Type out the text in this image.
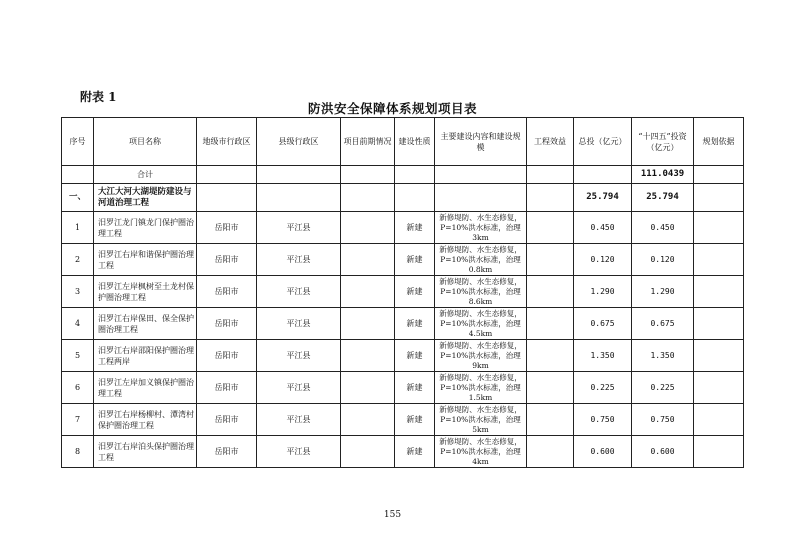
附表 1
防洪安全保障体系规划项目表
序号	项目名称	地级市行政区	县级行政区	项目前期情况	建设性质	主要建设内容和建设规模	工程效益	总投（亿元）	“十四五”投资（亿元）	规划依据
	合计								111.0439	
一、	大江大河大湖堤防建设与河道治理工程							25.794	25.794	
1	汨罗江龙门镇龙门保护圈治理工程	岳阳市	平江县		新建	新修堤防、水生态修复，P=10%洪水标准，治理3km		0.450	0.450	
2	汨罗江右岸和谐保护圈治理工程	岳阳市	平江县		新建	新修堤防、水生态修复，P=10%洪水标准，治理0.8km		0.120	0.120	
3	汨罗江左岸枫树至土龙村保护圈治理工程	岳阳市	平江县		新建	新修堤防、水生态修复，P=10%洪水标准，治理8.6km		1.290	1.290	
4	汨罗江右岸保田、保全保护圈治理工程	岳阳市	平江县		新建	新修堤防、水生态修复，P=10%洪水标准，治理4.5km		0.675	0.675	
5	汨罗江右岸邵阳保护圈治理工程两岸	岳阳市	平江县		新建	新修堤防、水生态修复，P=10%洪水标准，治理9km		1.350	1.350	
6	汨罗江左岸加义镇保护圈治理工程	岳阳市	平江县		新建	新修堤防、水生态修复，P=10%洪水标准，治理1.5km		0.225	0.225	
7	汨罗江右岸杨柳村、潭湾村保护圈治理工程	岳阳市	平江县		新建	新修堤防、水生态修复，P=10%洪水标准，治理5km		0.750	0.750	
8	汨罗江右岸泊头保护圈治理工程	岳阳市	平江县		新建	新修堤防、水生态修复，P=10%洪水标准，治理4km		0.600	0.600	
155
